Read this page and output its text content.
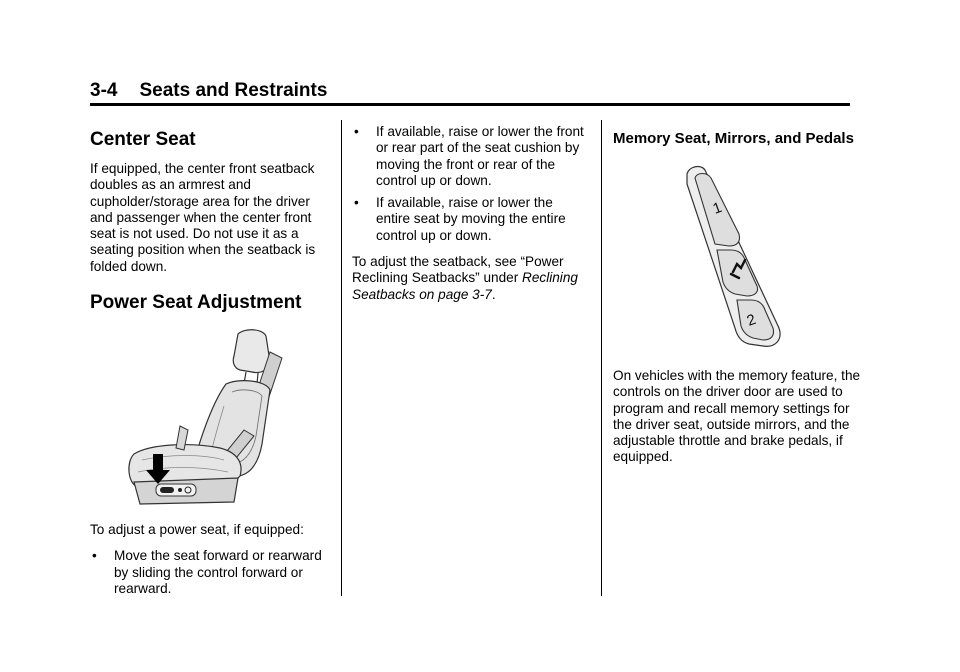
3-4 Seats and Restraints
Center Seat

If equipped, the center front seatback doubles as an armrest and cupholder/storage area for the driver and passenger when the center front seat is not used. Do not use it as a seating position when the seatback is folded down.

Power Seat Adjustment

To adjust a power seat, if equipped:

• Move the seat forward or rearward by sliding the control forward or rearward.
• If available, raise or lower the front or rear part of the seat cushion by moving the front or rear of the control up or down.
• If available, raise or lower the entire seat by moving the entire control up or down.

To adjust the seatback, see “Power Reclining Seatbacks” under Reclining Seatbacks on page 3-7.

Memory Seat, Mirrors, and Pedals
1
2

On vehicles with the memory feature, the controls on the driver door are used to program and recall memory settings for the driver seat, outside mirrors, and the adjustable throttle and brake pedals, if equipped.
